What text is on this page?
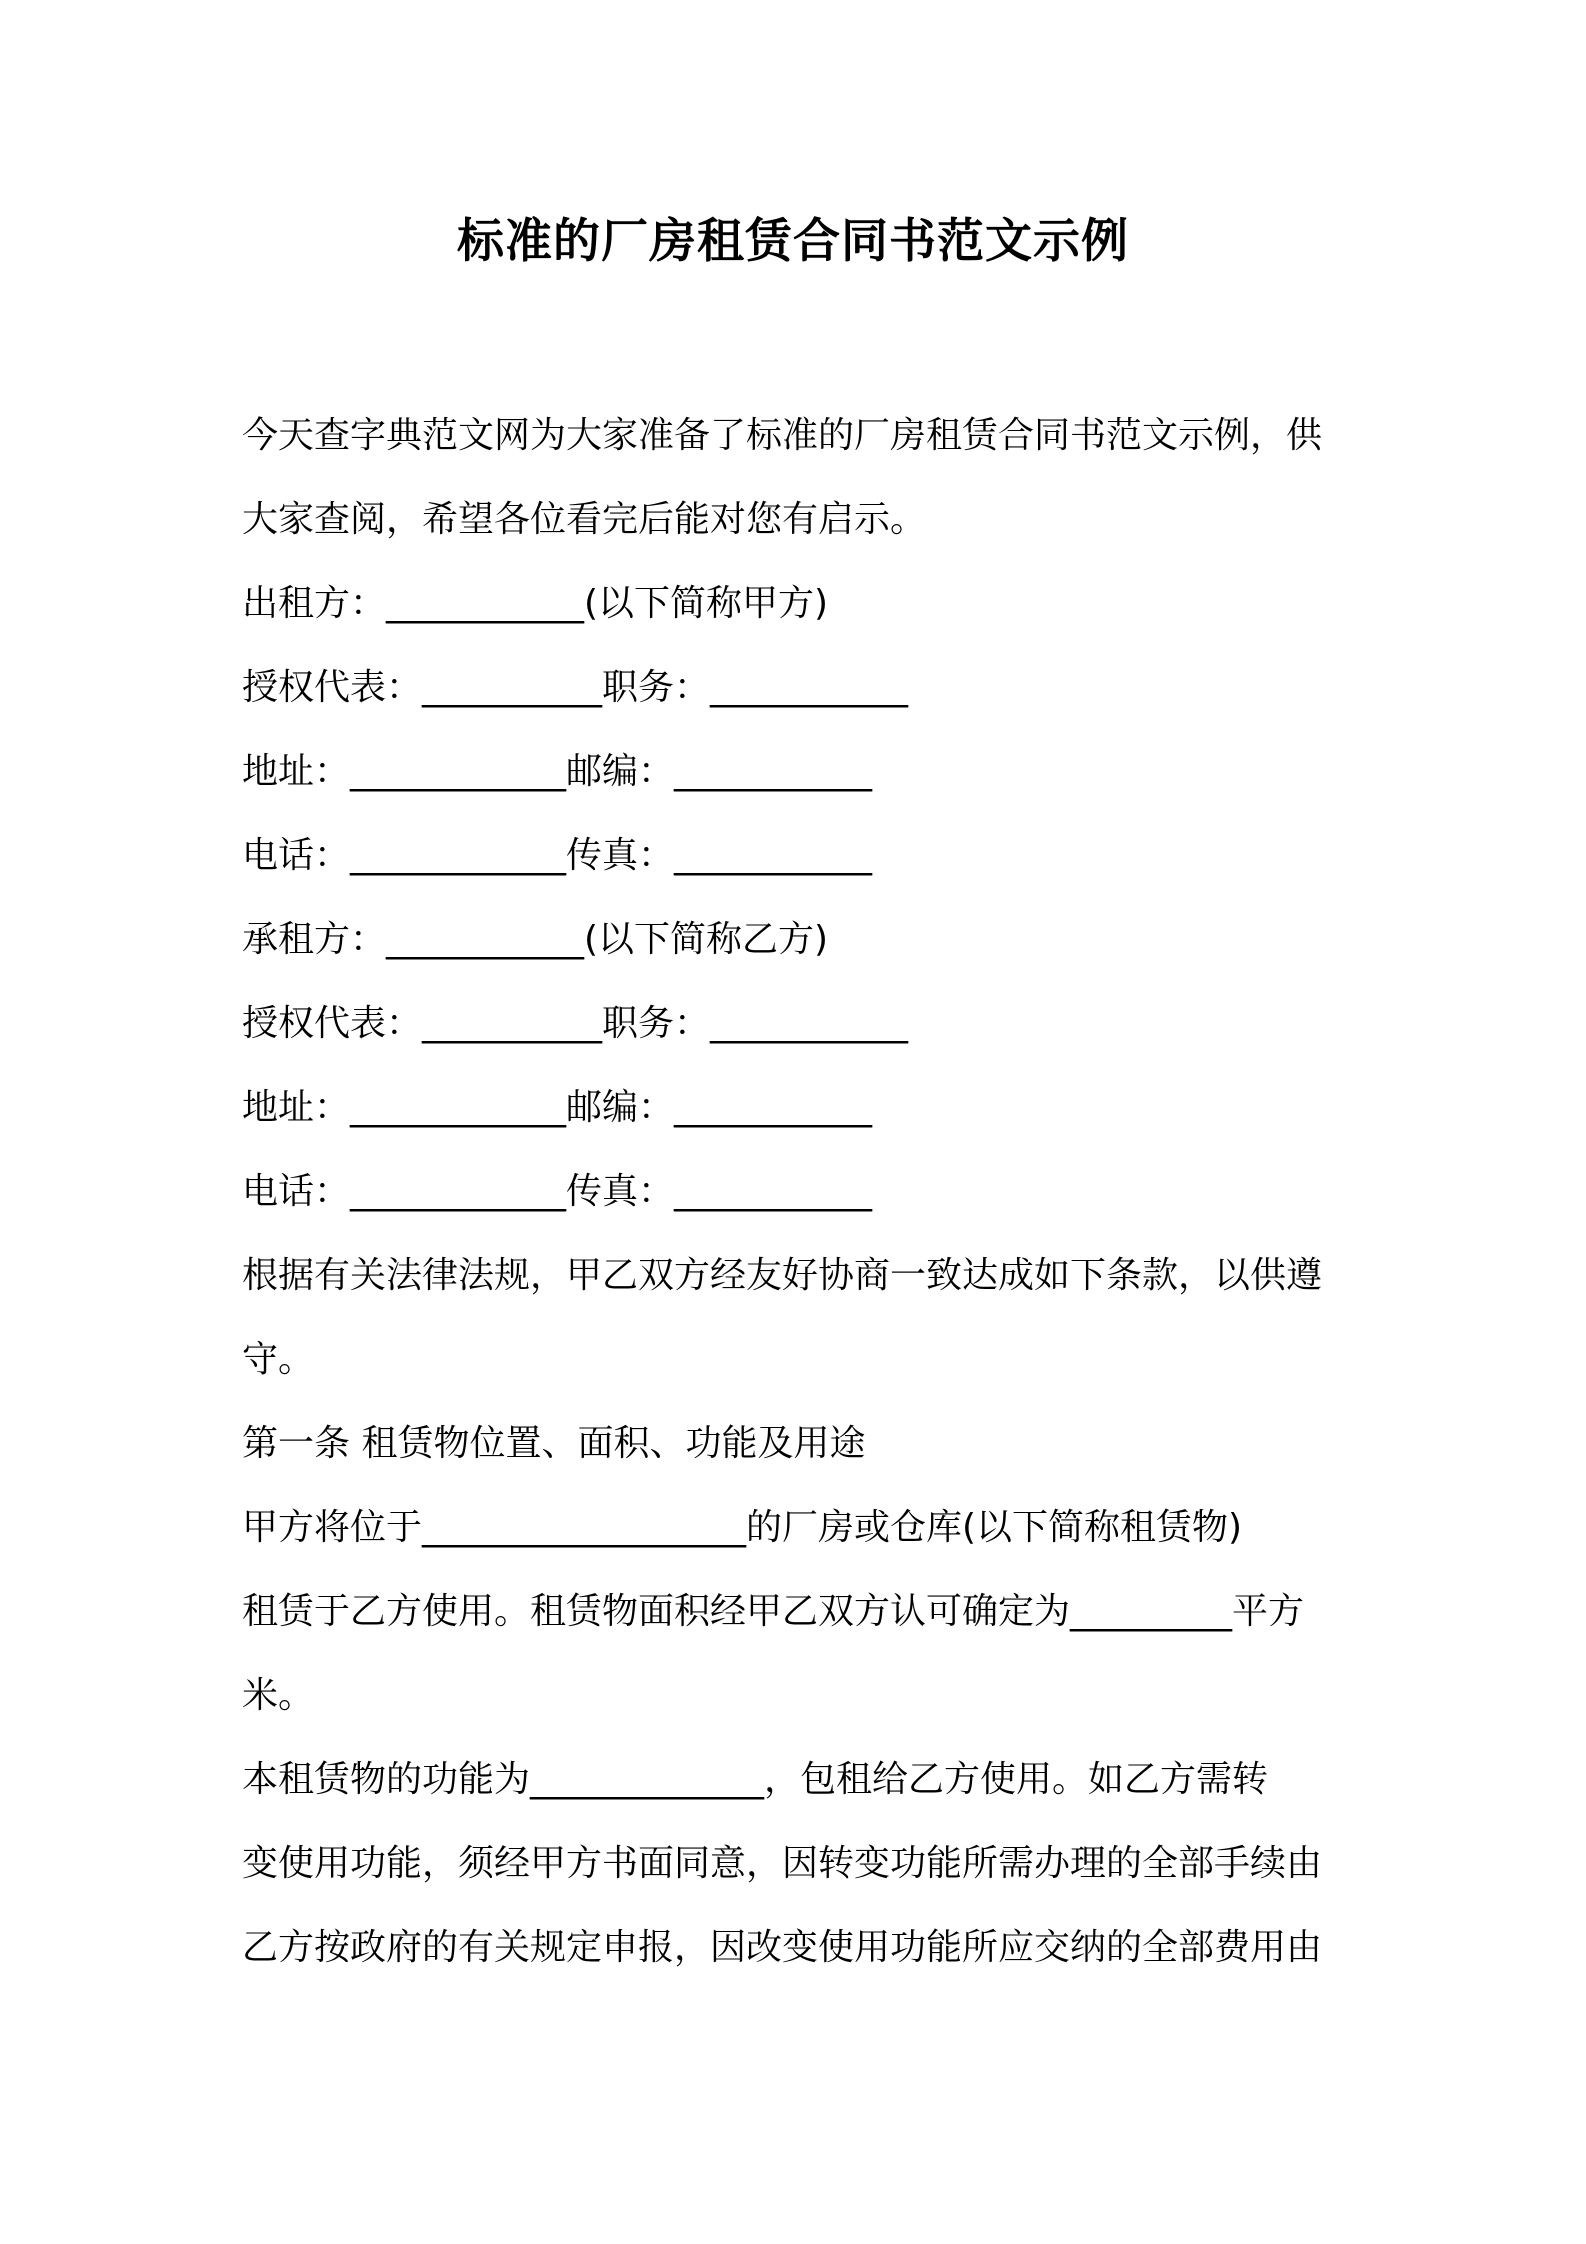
标准的厂房租赁合同书范文示例
今天查字典范文网为大家准备了标准的厂房租赁合同书范文示例，供
大家查阅，希望各位看完后能对您有启示。
出租方：___________(以下简称甲方)
授权代表：__________职务：___________
地址：____________邮编：___________
电话：____________传真：___________
承租方：___________(以下简称乙方)
授权代表：__________职务：___________
地址：____________邮编：___________
电话：____________传真：___________
根据有关法律法规，甲乙双方经友好协商一致达成如下条款，以供遵
守。
第一条 租赁物位置、面积、功能及用途
甲方将位于__________________的厂房或仓库(以下简称租赁物)
租赁于乙方使用。租赁物面积经甲乙双方认可确定为_________平方
米。
本租赁物的功能为_____________，包租给乙方使用。如乙方需转
变使用功能，须经甲方书面同意，因转变功能所需办理的全部手续由
乙方按政府的有关规定申报，因改变使用功能所应交纳的全部费用由
